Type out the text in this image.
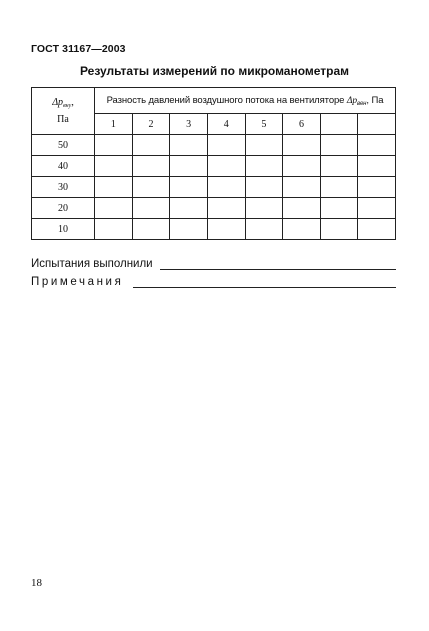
ГОСТ 31167—2003
Результаты измерений по микроманометрам
$\Delta p_{вну}$,
Па	Разность давлений воздушного потока на вентиляторе $\Delta p_{вен}$, Па							
	1	2	3	4	5	6		
50								
40								
30								
20								
10								
Испытания выполнили
Примечания
18
